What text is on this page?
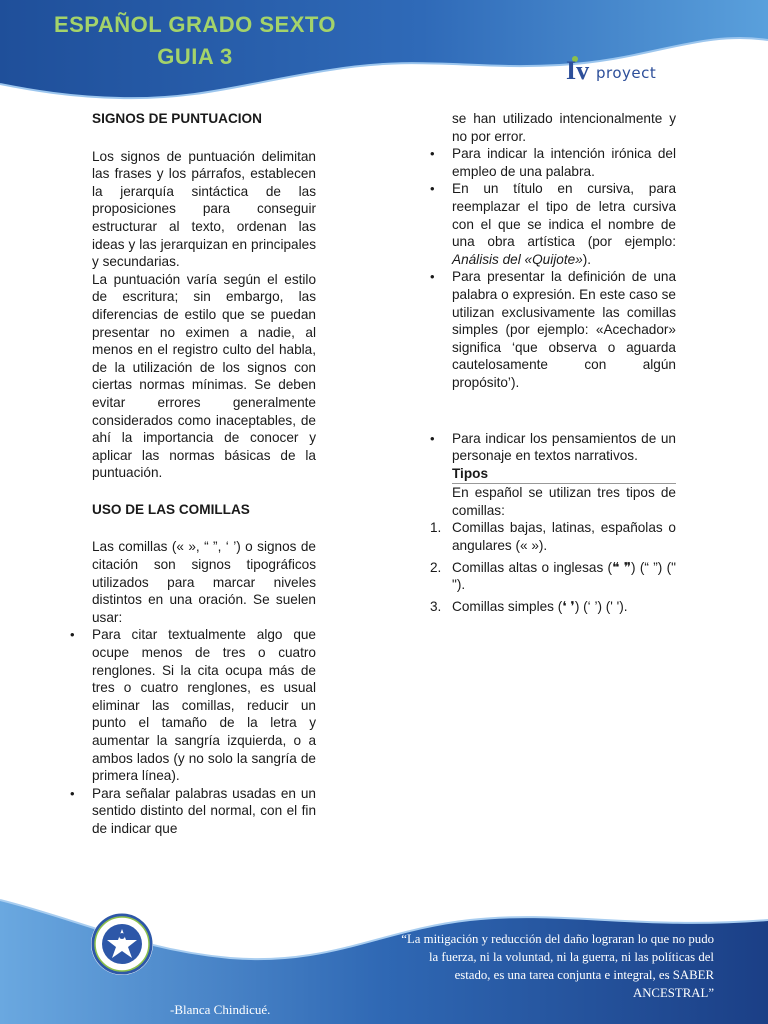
ESPAÑOL GRADO SEXTO
GUIA 3	Iv proyect
SIGNOS DE PUNTUACION

Los signos de puntuación delimitan las frases y los párrafos, establecen la jerarquía sintáctica de las proposiciones para conseguir estructurar al texto, ordenan las ideas y las jerarquizan en principales y secundarias.

La puntuación varía según el estilo de escritura; sin embargo, las diferencias de estilo que se puedan presentar no eximen a nadie, al menos en el registro culto del habla, de la utilización de los signos con ciertas normas mínimas. Se deben evitar errores generalmente considerados como inaceptables, de ahí la importancia de conocer y aplicar las normas básicas de la puntuación.

USO DE LAS COMILLAS

Las comillas (« », “ ”, ‘ ’) o signos de citación son signos tipográficos utilizados para marcar niveles distintos en una oración. Se suelen usar:

• Para citar textualmente algo que ocupe menos de tres o cuatro renglones. Si la cita ocupa más de tres o cuatro renglones, es usual eliminar las comillas, reducir un punto el tamaño de la letra y aumentar la sangría izquierda, o a ambos lados (y no solo la sangría de primera línea).
• Para señalar palabras usadas en un sentido distinto del normal, con el fin de indicar que

se han utilizado intencionalmente y no por error.

• Para indicar la intención irónica del empleo de una palabra.
• En un título en cursiva, para reemplazar el tipo de letra cursiva con el que se indica el nombre de una obra artística (por ejemplo: Análisis del «Quijote»).
• Para presentar la definición de una palabra o expresión. En este caso se utilizan exclusivamente las comillas simples (por ejemplo: «Acechador» significa ‘que observa o aguarda cautelosamente con algún propósito’).
• Para indicar los pensamientos de un personaje en textos narrativos.
Tipos

En español se utilizan tres tipos de comillas:

1. Comillas bajas, latinas, españolas o angulares (« »).
2. Comillas altas o inglesas (❝ ❞) (“ ”) (" ").
3. Comillas simples (❛ ❜) (‘ ’) (' ').
“La mitigación y reducción del daño lograran lo que no pudo la fuerza, ni la voluntad, ni la guerra, ni las políticas del estado, es una tarea conjunta e integral, es SABER ANCESTRAL”
-Blanca Chindicué.
